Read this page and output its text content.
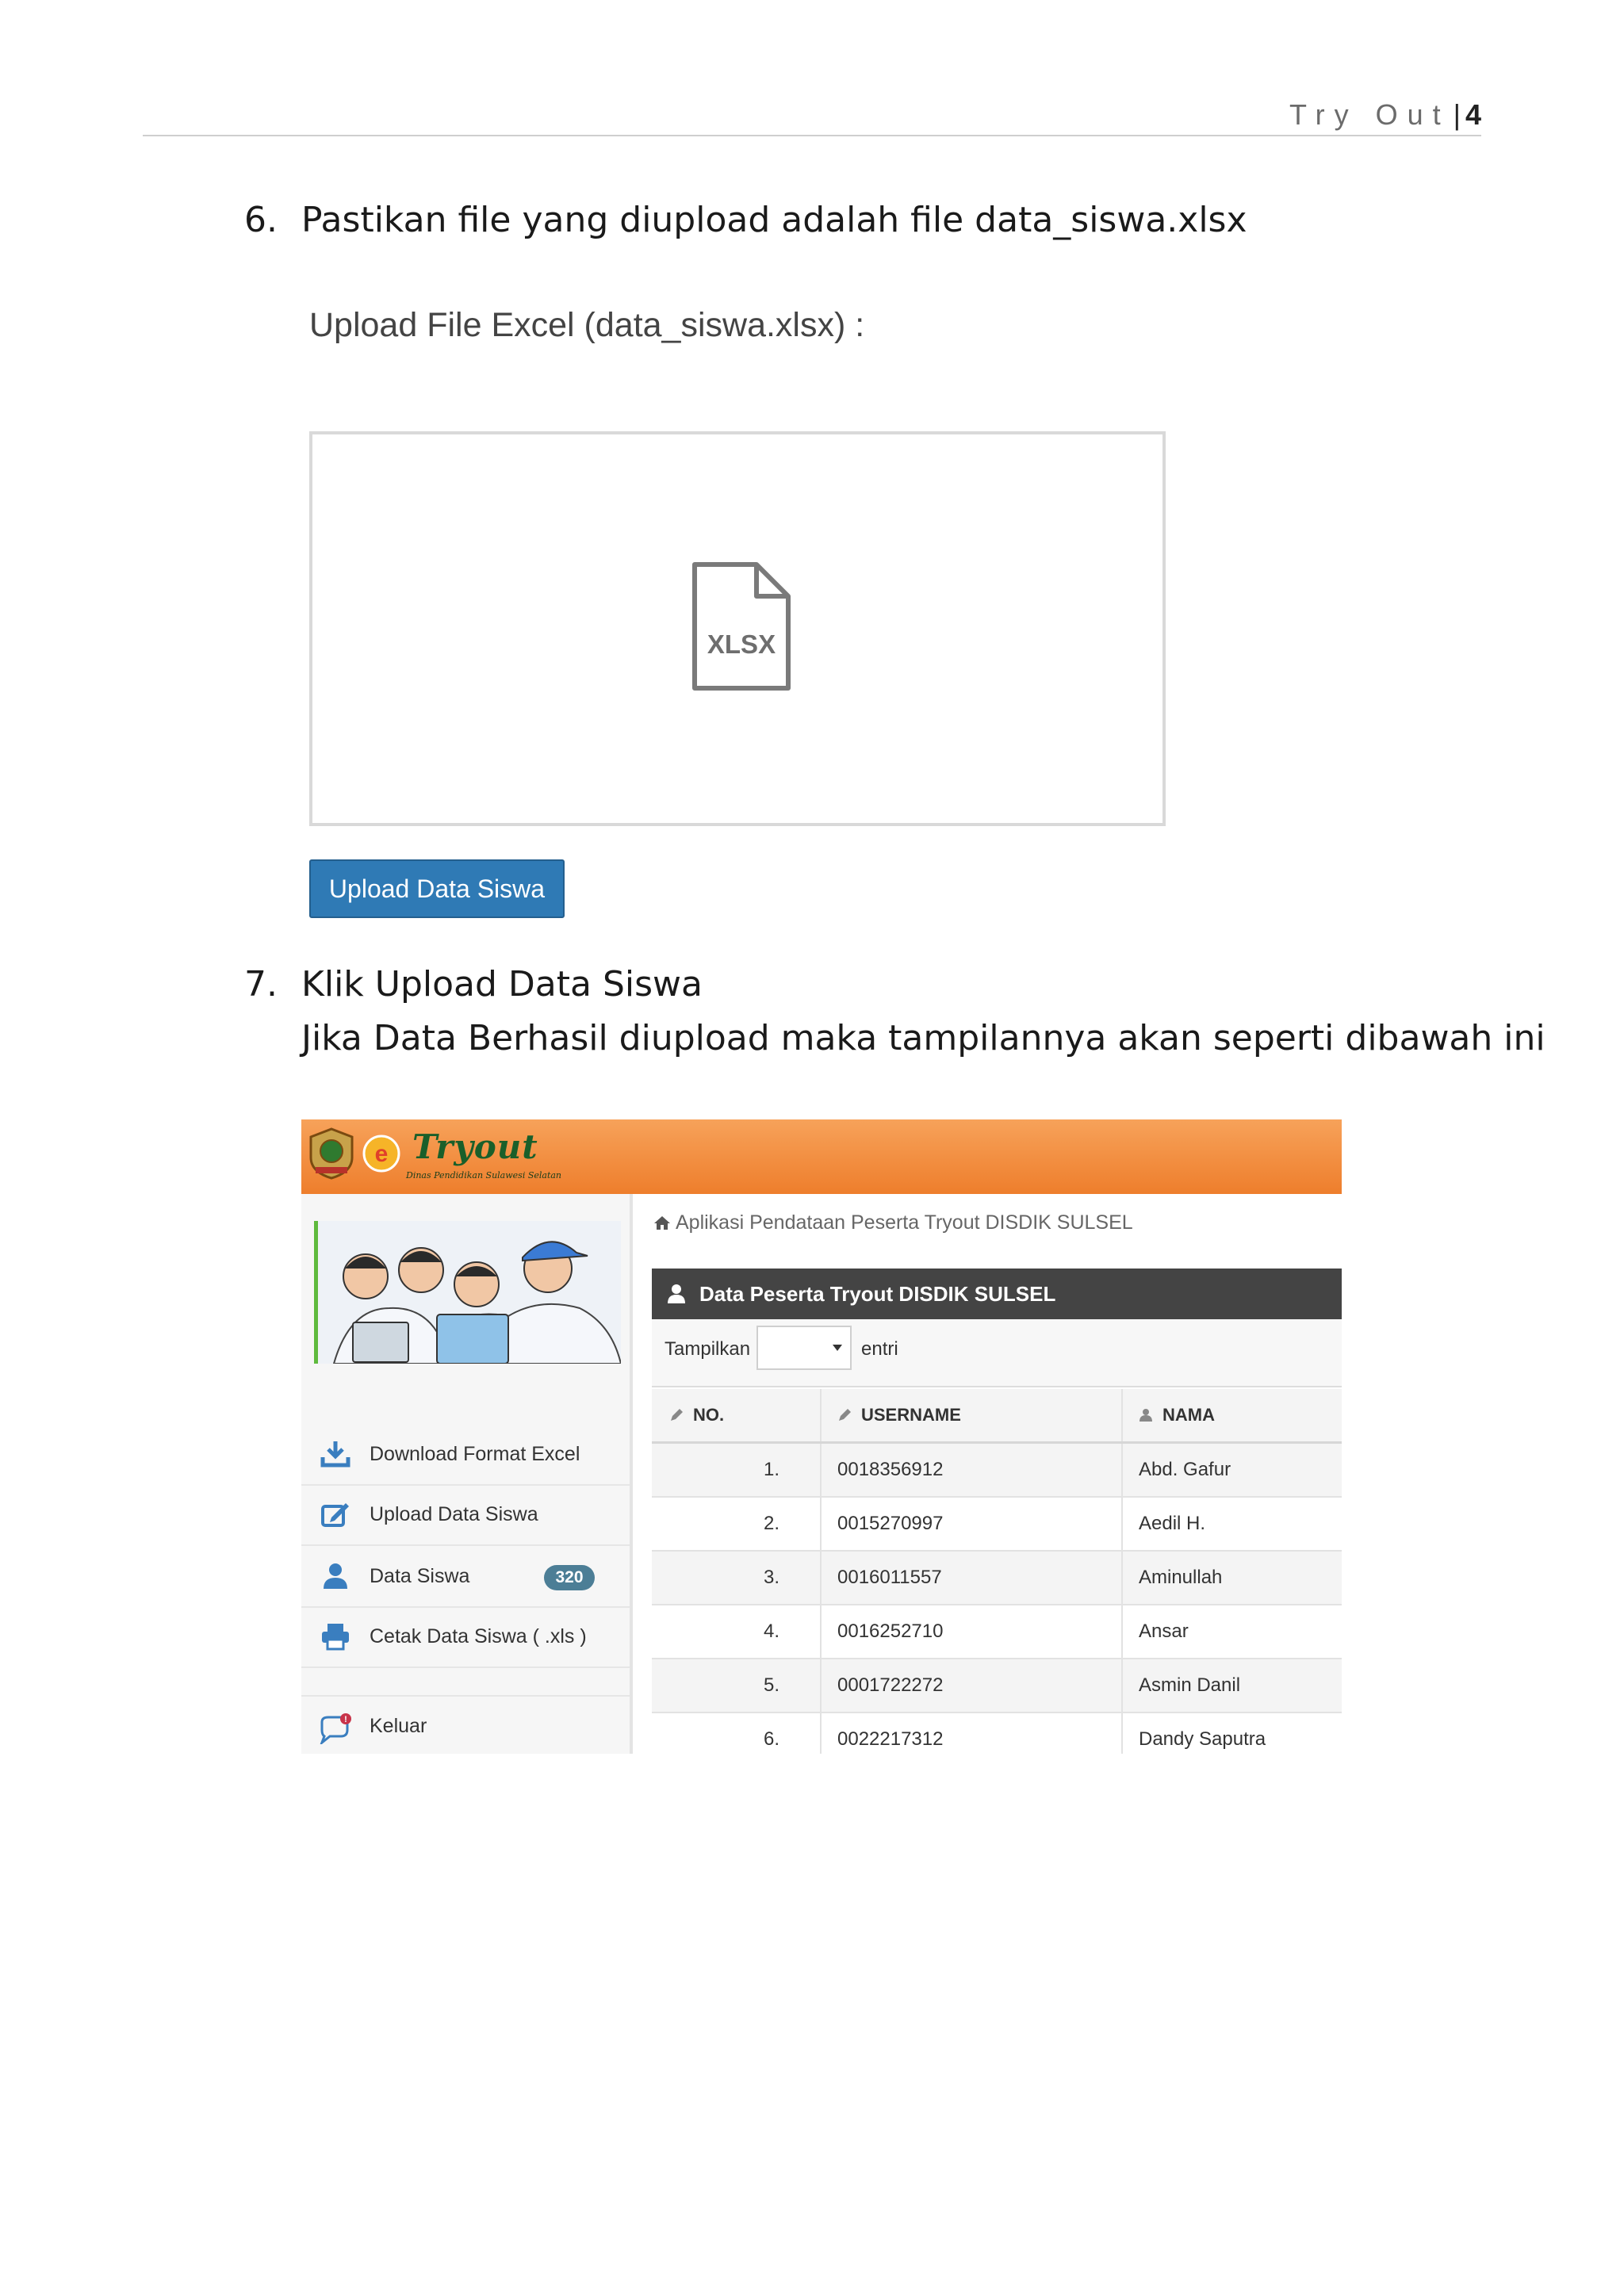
Try Out | 4
6. Pastikan file yang diupload adalah file data_siswa.xlsx
Upload File Excel (data_siswa.xlsx) :
XLSX
Upload Data Siswa
7. Klik Upload Data Siswa
Jika Data Berhasil diupload maka tampilannya akan seperti dibawah ini
e Tryout
Dinas Pendidikan Sulawesi Selatan
Download Format Excel
Upload Data Siswa
Data Siswa	320
Cetak Data Siswa ( .xls )
! Keluar
Aplikasi Pendataan Peserta Tryout DISDIK SULSEL
Data Peserta Tryout DISDIK SULSEL
Tampilkan	entri
NO.	USERNAME	NAMA
1.	0018356912	Abd. Gafur
2.	0015270997	Aedil H.
3.	0016011557	Aminullah
4.	0016252710	Ansar
5.	0001722272	Asmin Danil
6.	0022217312	Dandy Saputra
